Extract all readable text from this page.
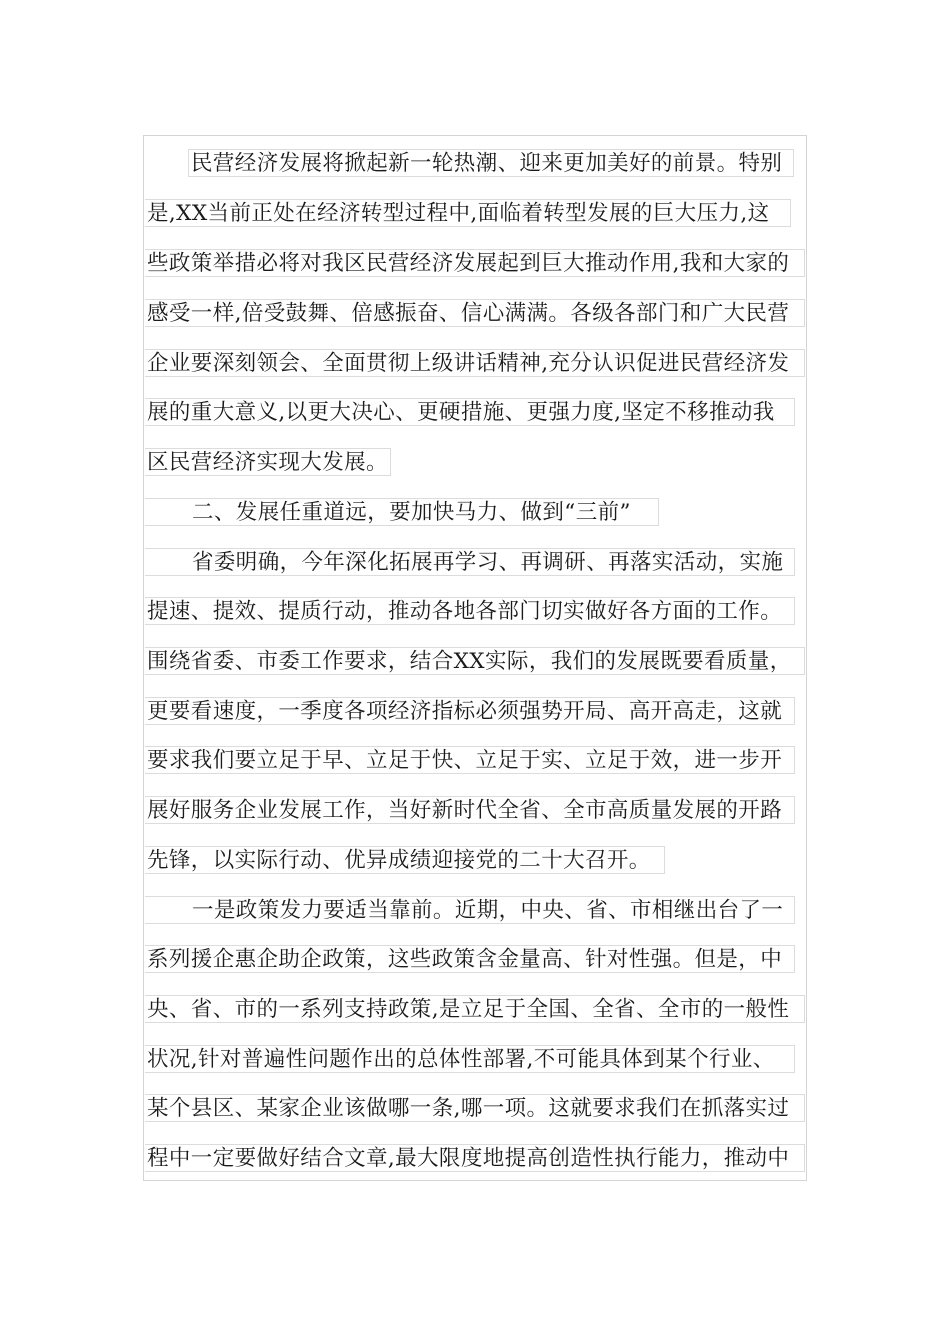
民营经济发展将掀起新一轮热潮、迎来更加美好的前景。特别
是,XX当前正处在经济转型过程中,面临着转型发展的巨大压力,这
些政策举措必将对我区民营经济发展起到巨大推动作用,我和大家的
感受一样,倍受鼓舞、倍感振奋、信心满满。各级各部门和广大民营
企业要深刻领会、全面贯彻上级讲话精神,充分认识促进民营经济发
展的重大意义,以更大决心、更硬措施、更强力度,坚定不移推动我
区民营经济实现大发展。
二、发展任重道远，要加快马力、做到“三前”
省委明确，今年深化拓展再学习、再调研、再落实活动，实施
提速、提效、提质行动，推动各地各部门切实做好各方面的工作。
围绕省委、市委工作要求，结合XX实际，我们的发展既要看质量，
更要看速度，一季度各项经济指标必须强势开局、高开高走，这就
要求我们要立足于早、立足于快、立足于实、立足于效，进一步开
展好服务企业发展工作，当好新时代全省、全市高质量发展的开路
先锋，以实际行动、优异成绩迎接党的二十大召开。
一是政策发力要适当靠前。近期，中央、省、市相继出台了一
系列援企惠企助企政策，这些政策含金量高、针对性强。但是，中
央、省、市的一系列支持政策,是立足于全国、全省、全市的一般性
状况,针对普遍性问题作出的总体性部署,不可能具体到某个行业、
某个县区、某家企业该做哪一条,哪一项。这就要求我们在抓落实过
程中一定要做好结合文章,最大限度地提高创造性执行能力，推动中
